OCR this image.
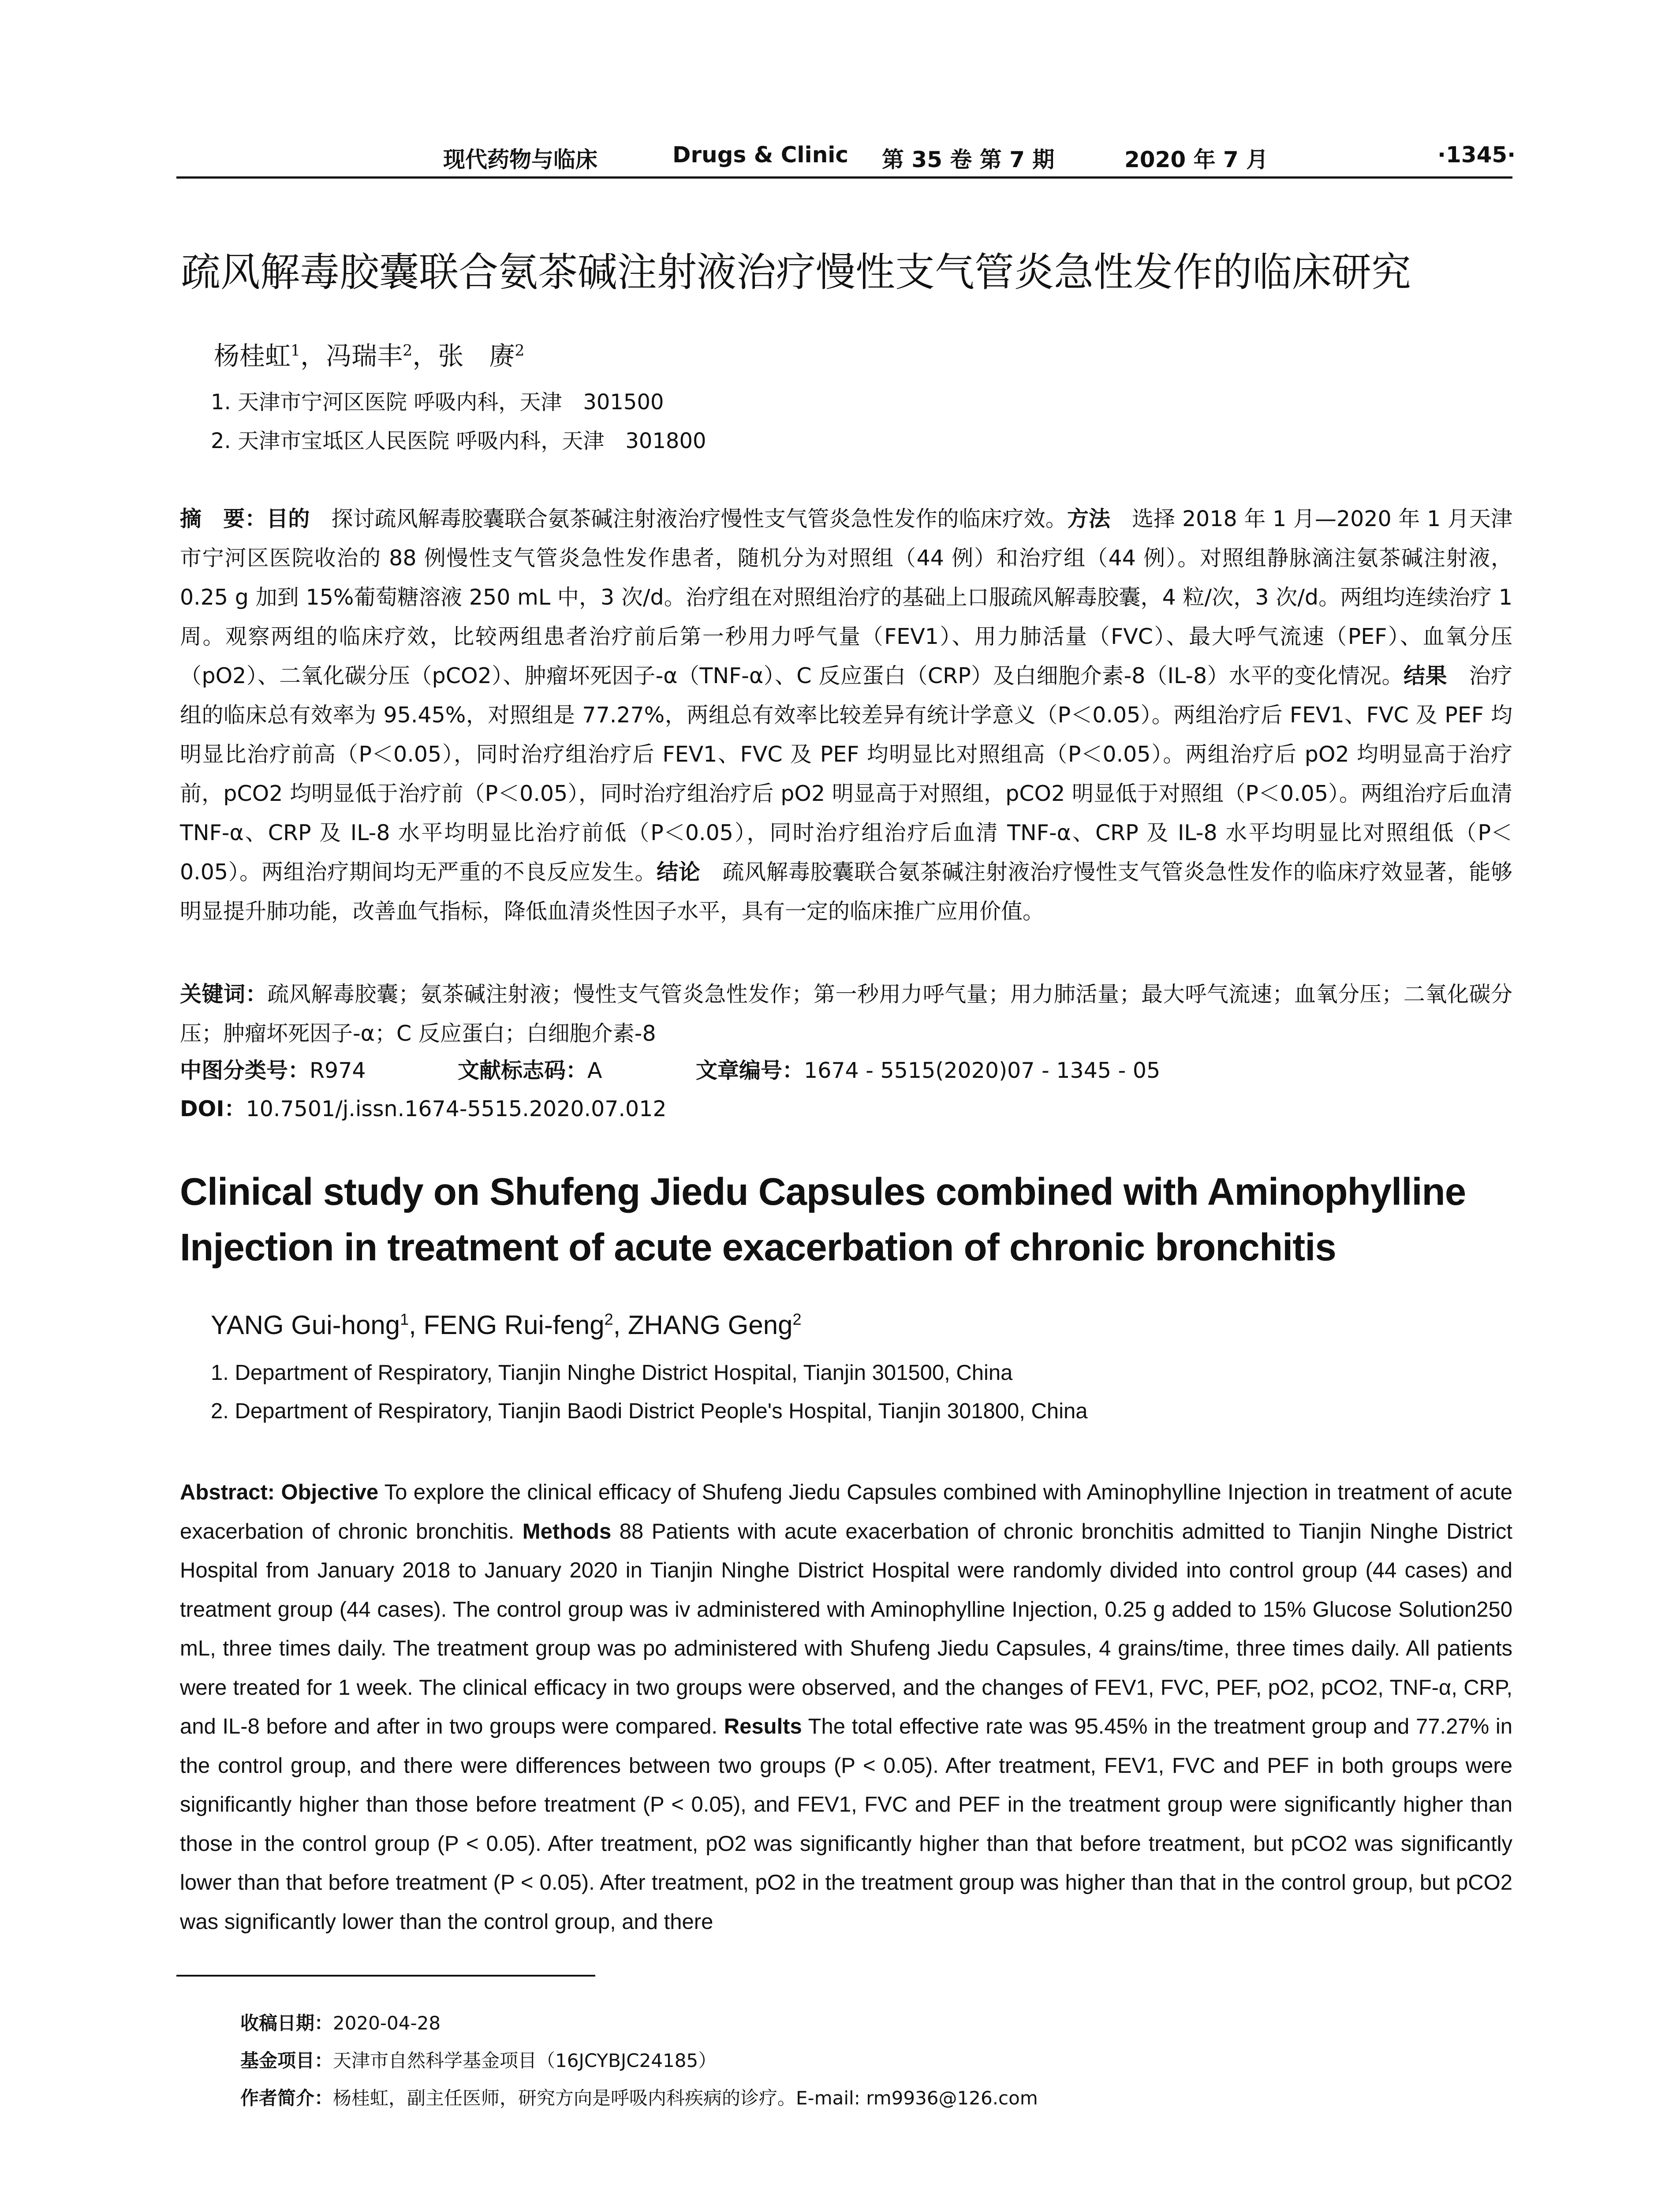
现代药物与临床	Drugs & Clinic 第 35 卷 第 7 期	2020 年 7 月	·1345·
疏风解毒胶囊联合氨茶碱注射液治疗慢性支气管炎急性发作的临床研究
杨桂虹$^1$，冯瑞丰$^2$，张　赓$^2$
1. 天津市宁河区医院 呼吸内科，天津　301500
2. 天津市宝坻区人民医院 呼吸内科，天津　301800
摘　要：目的　探讨疏风解毒胶囊联合氨茶碱注射液治疗慢性支气管炎急性发作的临床疗效。方法　选择 2018 年 1 月—2020 年 1 月天津市宁河区医院收治的 88 例慢性支气管炎急性发作患者，随机分为对照组（44 例）和治疗组（44 例）。对照组静脉滴注氨茶碱注射液，0.25 g 加到 15%葡萄糖溶液 250 mL 中，3 次/d。治疗组在对照组治疗的基础上口服疏风解毒胶囊，4 粒/次，3 次/d。两组均连续治疗 1 周。观察两组的临床疗效，比较两组患者治疗前后第一秒用力呼气量（FEV1）、用力肺活量（FVC）、最大呼气流速（PEF）、血氧分压（pO2）、二氧化碳分压（pCO2）、肿瘤坏死因子-α（TNF-α）、C 反应蛋白（CRP）及白细胞介素-8（IL-8）水平的变化情况。结果　治疗组的临床总有效率为 95.45%，对照组是 77.27%，两组总有效率比较差异有统计学意义（P＜0.05）。两组治疗后 FEV1、FVC 及 PEF 均明显比治疗前高（P＜0.05），同时治疗组治疗后 FEV1、FVC 及 PEF 均明显比对照组高（P＜0.05）。两组治疗后 pO2 均明显高于治疗前，pCO2 均明显低于治疗前（P＜0.05），同时治疗组治疗后 pO2 明显高于对照组，pCO2 明显低于对照组（P＜0.05）。两组治疗后血清 TNF-α、CRP 及 IL-8 水平均明显比治疗前低（P＜0.05），同时治疗组治疗后血清 TNF-α、CRP 及 IL-8 水平均明显比对照组低（P＜0.05）。两组治疗期间均无严重的不良反应发生。结论　疏风解毒胶囊联合氨茶碱注射液治疗慢性支气管炎急性发作的临床疗效显著，能够明显提升肺功能，改善血气指标，降低血清炎性因子水平，具有一定的临床推广应用价值。
关键词：疏风解毒胶囊；氨茶碱注射液；慢性支气管炎急性发作；第一秒用力呼气量；用力肺活量；最大呼气流速；血氧分压；二氧化碳分压；肿瘤坏死因子-α；C 反应蛋白；白细胞介素-8
中图分类号：R974	文献标志码：A	文章编号：1674 - 5515(2020)07 - 1345 - 05
DOI：10.7501/j.issn.1674-5515.2020.07.012
Clinical study on Shufeng Jiedu Capsules combined with Aminophylline Injection in treatment of acute exacerbation of chronic bronchitis
YANG Gui-hong$^1$, FENG Rui-feng$^2$, ZHANG Geng$^2$
1. Department of Respiratory, Tianjin Ninghe District Hospital, Tianjin 301500, China
2. Department of Respiratory, Tianjin Baodi District People's Hospital, Tianjin 301800, China
Abstract: Objective To explore the clinical efficacy of Shufeng Jiedu Capsules combined with Aminophylline Injection in treatment of acute exacerbation of chronic bronchitis. Methods 88 Patients with acute exacerbation of chronic bronchitis admitted to Tianjin Ninghe District Hospital from January 2018 to January 2020 in Tianjin Ninghe District Hospital were randomly divided into control group (44 cases) and treatment group (44 cases). The control group was iv administered with Aminophylline Injection, 0.25 g added to 15% Glucose Solution250 mL, three times daily. The treatment group was po administered with Shufeng Jiedu Capsules, 4 grains/time, three times daily. All patients were treated for 1 week. The clinical efficacy in two groups were observed, and the changes of FEV1, FVC, PEF, pO2, pCO2, TNF-α, CRP, and IL-8 before and after in two groups were compared. Results The total effective rate was 95.45% in the treatment group and 77.27% in the control group, and there were differences between two groups (P < 0.05). After treatment, FEV1, FVC and PEF in both groups were significantly higher than those before treatment (P < 0.05), and FEV1, FVC and PEF in the treatment group were significantly higher than those in the control group (P < 0.05). After treatment, pO2 was significantly higher than that before treatment, but pCO2 was significantly lower than that before treatment (P < 0.05). After treatment, pO2 in the treatment group was higher than that in the control group, but pCO2 was significantly lower than the control group, and there
收稿日期：2020-04-28
基金项目：天津市自然科学基金项目（16JCYBJC24185）
作者简介：杨桂虹，副主任医师，研究方向是呼吸内科疾病的诊疗。E-mail: rm9936@126.com
